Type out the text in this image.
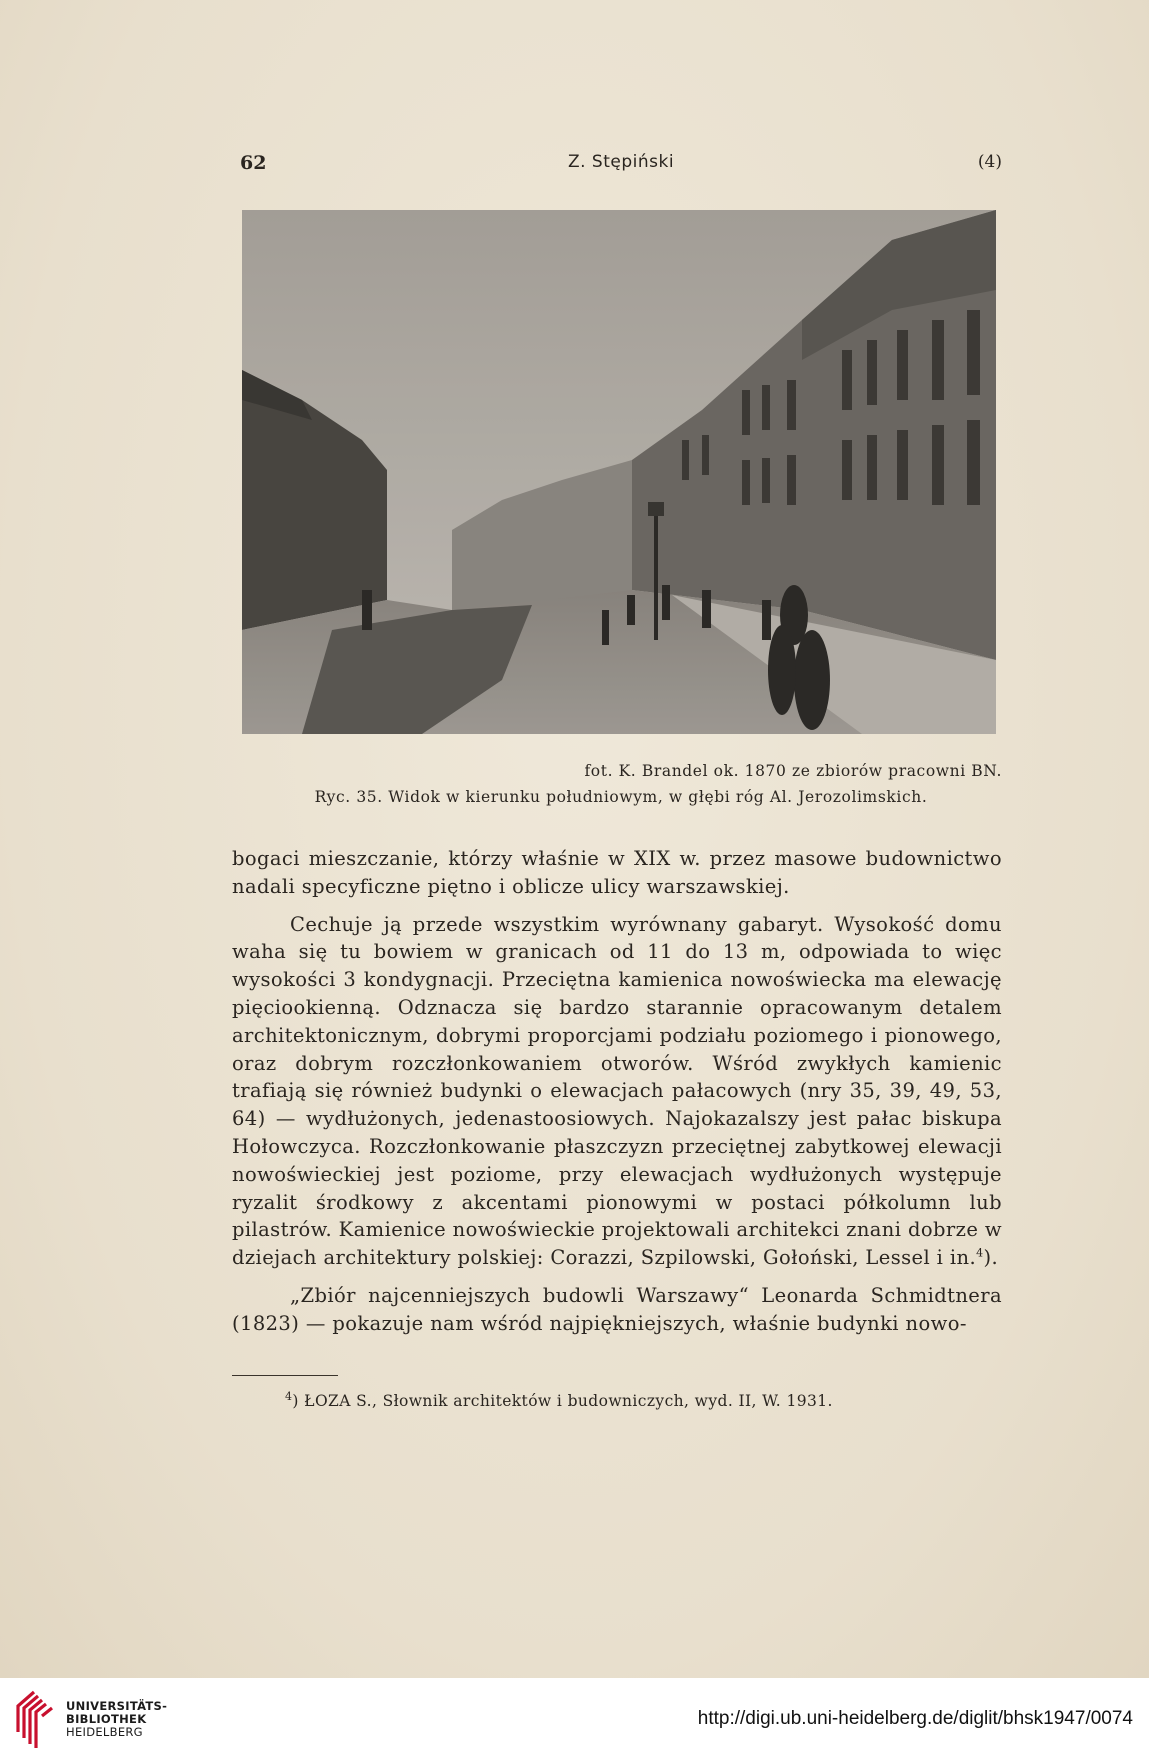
62	Z. Stępiński	(4)
fot. K. Brandel ok. 1870 ze zbiorów pracowni BN.
Ryc. 35. Widok w kierunku południowym, w głębi róg Al. Jerozolimskich.

bogaci mieszczanie, którzy właśnie w XIX w. przez masowe budownictwo nadali specyficzne piętno i oblicze ulicy warszawskiej.

Cechuje ją przede wszystkim wyrównany gabaryt. Wysokość domu waha się tu bowiem w granicach od 11 do 13 m, odpowiada to więc wysokości 3 kondygnacji. Przeciętna kamienica nowoświecka ma elewację pięciookienną. Odznacza się bardzo starannie opracowanym detalem architektonicznym, dobrymi proporcjami podziału poziomego i pionowego, oraz dobrym rozczłonkowaniem otworów. Wśród zwykłych kamienic trafiają się również budynki o elewacjach pałacowych (nry 35, 39, 49, 53, 64) — wydłużonych, jedenastoosiowych. Najokazalszy jest pałac biskupa Hołowczyca. Rozczłonkowanie płaszczyzn przeciętnej zabytkowej elewacji nowoświeckiej jest poziome, przy elewacjach wydłużonych występuje ryzalit środkowy z akcentami pionowymi w postaci półkolumn lub pilastrów. Kamienice nowoświeckie projektowali architekci znani dobrze w dziejach architektury polskiej: Corazzi, Szpilowski, Gołoński, Lessel i in.$^4$).

„Zbiór najcenniejszych budowli Warszawy“ Leonarda Schmidtnera (1823) — pokazuje nam wśród najpiękniejszych, właśnie budynki nowo-

$^4$) ŁOZA S., Słownik architektów i budowniczych, wyd. II, W. 1931.
UNIVERSITÄTS-
BIBLIOTHEK
HEIDELBERG
http://digi.ub.uni-heidelberg.de/diglit/bhsk1947/0074
